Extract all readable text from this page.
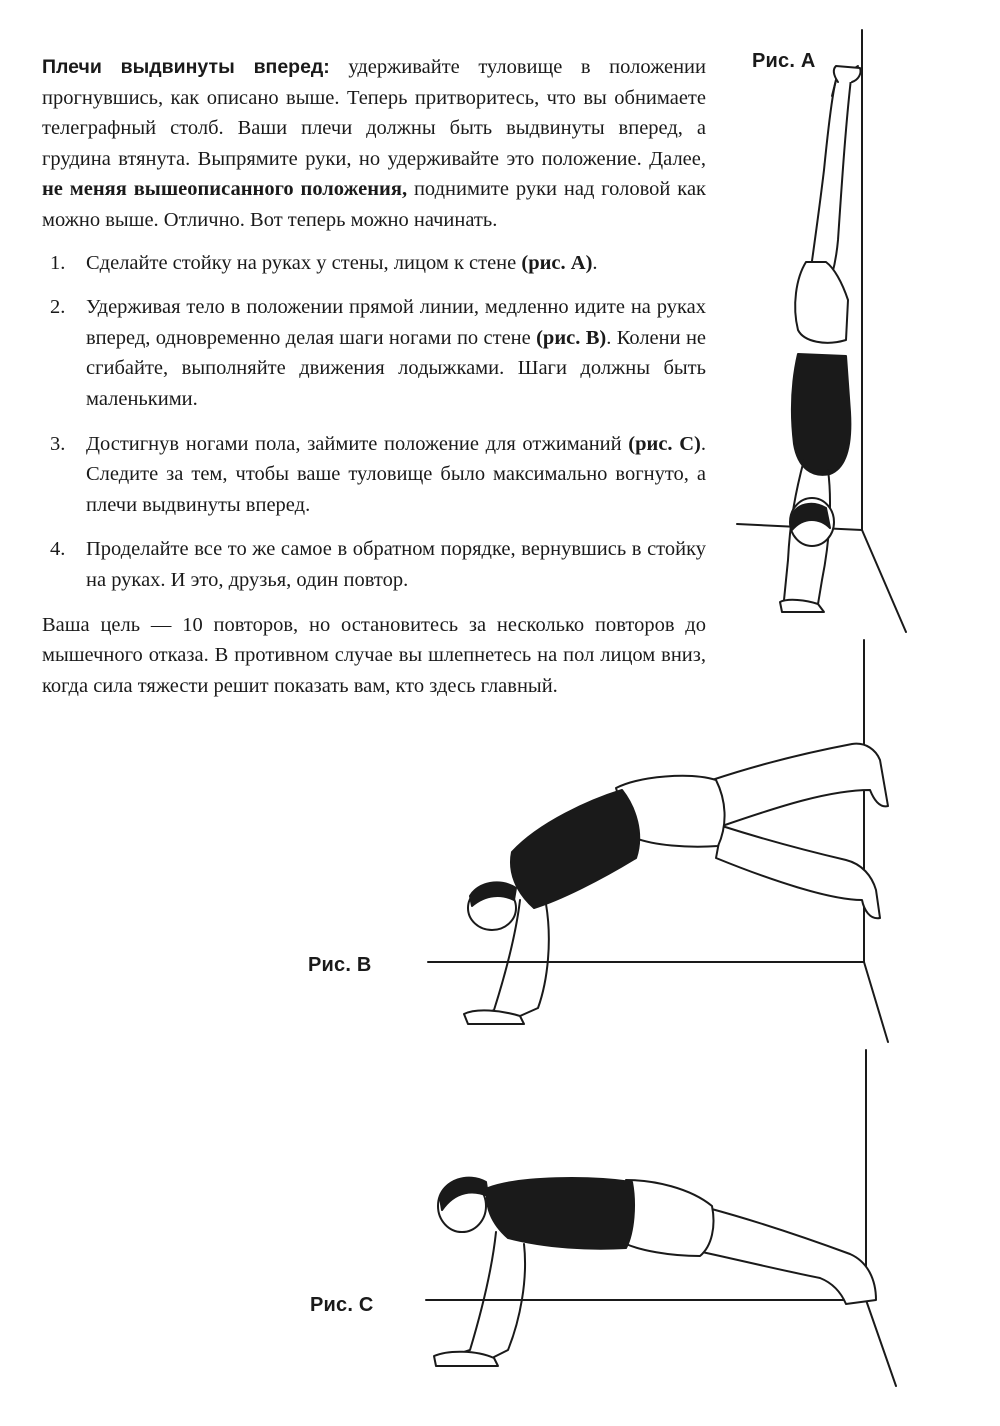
Плечи выдвинуты вперед: удерживайте туловище в положении прогнувшись, как описано выше. Теперь притворитесь, что вы обнимаете телеграфный столб. Ваши плечи должны быть выдвинуты вперед, а грудина втянута. Выпрямите руки, но удерживайте это положение. Далее, не меняя вышеописанного положения, поднимите руки над головой как можно выше. Отлично. Вот теперь можно начинать.

1. Сделайте стойку на руках у стены, лицом к стене (рис. А).
2. Удерживая тело в положении прямой линии, медленно идите на руках вперед, одновременно делая шаги ногами по стене (рис. В). Колени не сгибайте, выполняйте движения лодыжками. Шаги должны быть маленькими.
3. Достигнув ногами пола, займите положение для отжиманий (рис. С). Следите за тем, чтобы ваше туловище было максимально вогнуто, а плечи выдвинуты вперед.
4. Проделайте все то же самое в обратном порядке, вернувшись в стойку на руках. И это, друзья, один повтор.

Ваша цель — 10 повторов, но остановитесь за несколько повторов до мышечного отказа. В противном случае вы шлепнетесь на пол лицом вниз, когда сила тяжести решит показать вам, кто здесь главный.

Рис. А
Рис. В
Рис. С
